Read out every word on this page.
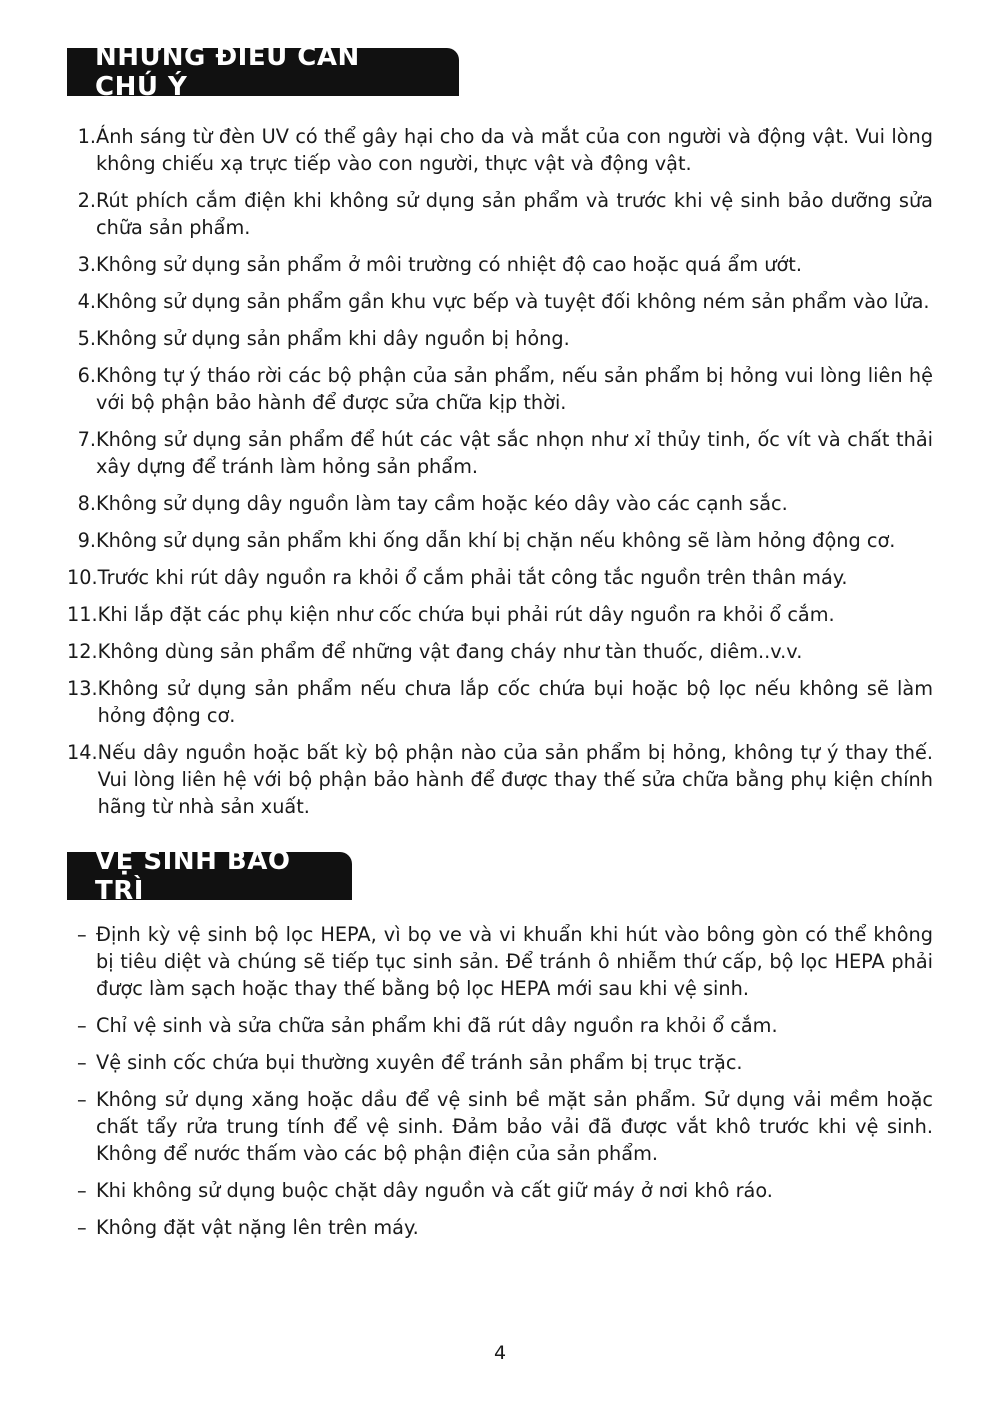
NHỮNG ĐIỀU CẦN CHÚ Ý
1. Ánh sáng từ đèn UV có thể gây hại cho da và mắt của con người và động vật. Vui lòng không chiếu xạ trực tiếp vào con người, thực vật và động vật.
2. Rút phích cắm điện khi không sử dụng sản phẩm và trước khi vệ sinh bảo dưỡng sửa chữa sản phẩm.
3. Không sử dụng sản phẩm ở môi trường có nhiệt độ cao hoặc quá ẩm ướt.
4. Không sử dụng sản phẩm gần khu vực bếp và tuyệt đối không ném sản phẩm vào lửa.
5. Không sử dụng sản phẩm khi dây nguồn bị hỏng.
6. Không tự ý tháo rời các bộ phận của sản phẩm, nếu sản phẩm bị hỏng vui lòng liên hệ với bộ phận bảo hành để được sửa chữa kịp thời.
7. Không sử dụng sản phẩm để hút các vật sắc nhọn như xỉ thủy tinh, ốc vít và chất thải xây dựng để tránh làm hỏng sản phẩm.
8. Không sử dụng dây nguồn làm tay cầm hoặc kéo dây vào các cạnh sắc.
9. Không sử dụng sản phẩm khi ống dẫn khí bị chặn nếu không sẽ làm hỏng động cơ.
10. Trước khi rút dây nguồn ra khỏi ổ cắm phải tắt công tắc nguồn trên thân máy.
11. Khi lắp đặt các phụ kiện như cốc chứa bụi phải rút dây nguồn ra khỏi ổ cắm.
12. Không dùng sản phẩm để những vật đang cháy như tàn thuốc, diêm..v.v.
13. Không sử dụng sản phẩm nếu chưa lắp cốc chứa bụi hoặc bộ lọc nếu không sẽ làm hỏng động cơ.
14. Nếu dây nguồn hoặc bất kỳ bộ phận nào của sản phẩm bị hỏng, không tự ý thay thế. Vui lòng liên hệ với bộ phận bảo hành để được thay thế sửa chữa bằng phụ kiện chính hãng từ nhà sản xuất.
VỆ SINH BẢO TRÌ
– Định kỳ vệ sinh bộ lọc HEPA, vì bọ ve và vi khuẩn khi hút vào bông gòn có thể không bị tiêu diệt và chúng sẽ tiếp tục sinh sản. Để tránh ô nhiễm thứ cấp, bộ lọc HEPA phải được làm sạch hoặc thay thế bằng bộ lọc HEPA mới sau khi vệ sinh.
– Chỉ vệ sinh và sửa chữa sản phẩm khi đã rút dây nguồn ra khỏi ổ cắm.
– Vệ sinh cốc chứa bụi thường xuyên để tránh sản phẩm bị trục trặc.
– Không sử dụng xăng hoặc dầu để vệ sinh bề mặt sản phẩm. Sử dụng vải mềm hoặc chất tẩy rửa trung tính để vệ sinh. Đảm bảo vải đã được vắt khô trước khi vệ sinh. Không để nước thấm vào các bộ phận điện của sản phẩm.
– Khi không sử dụng buộc chặt dây nguồn và cất giữ máy ở nơi khô ráo.
– Không đặt vật nặng lên trên máy.
4
